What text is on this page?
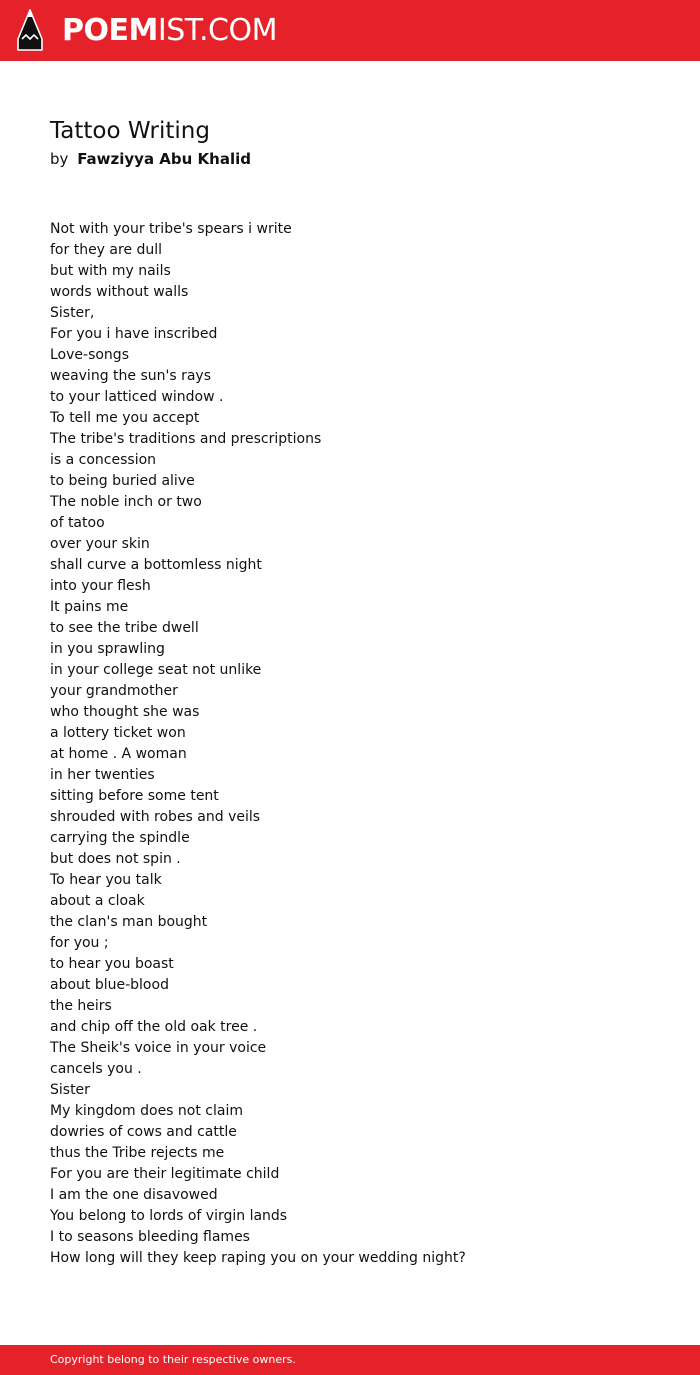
POEMIST.COM
Tattoo Writing
by Fawziyya Abu Khalid
Not with your tribe's spears i write
for they are dull
but with my nails
words without walls
Sister,
For you i have inscribed
Love-songs
weaving the sun's rays
to your latticed window .
To tell me you accept
The tribe's traditions and prescriptions
is a concession
to being buried alive
The noble inch or two
of tatoo
over your skin
shall curve a bottomless night
into your flesh
It pains me
to see the tribe dwell
in you sprawling
in your college seat not unlike
your grandmother
who thought she was
a lottery ticket won
at home . A woman
in her twenties
sitting before some tent
shrouded with robes and veils
carrying the spindle
but does not spin .
To hear you talk
about a cloak
the clan's man bought
for you ;
to hear you boast
about blue-blood
the heirs
and chip off the old oak tree .
The Sheik's voice in your voice
cancels you .
Sister
My kingdom does not claim
dowries of cows and cattle
thus the Tribe rejects me
For you are their legitimate child
I am the one disavowed
You belong to lords of virgin lands
I to seasons bleeding flames
How long will they keep raping you on your wedding night?
Copyright belong to their respective owners.
